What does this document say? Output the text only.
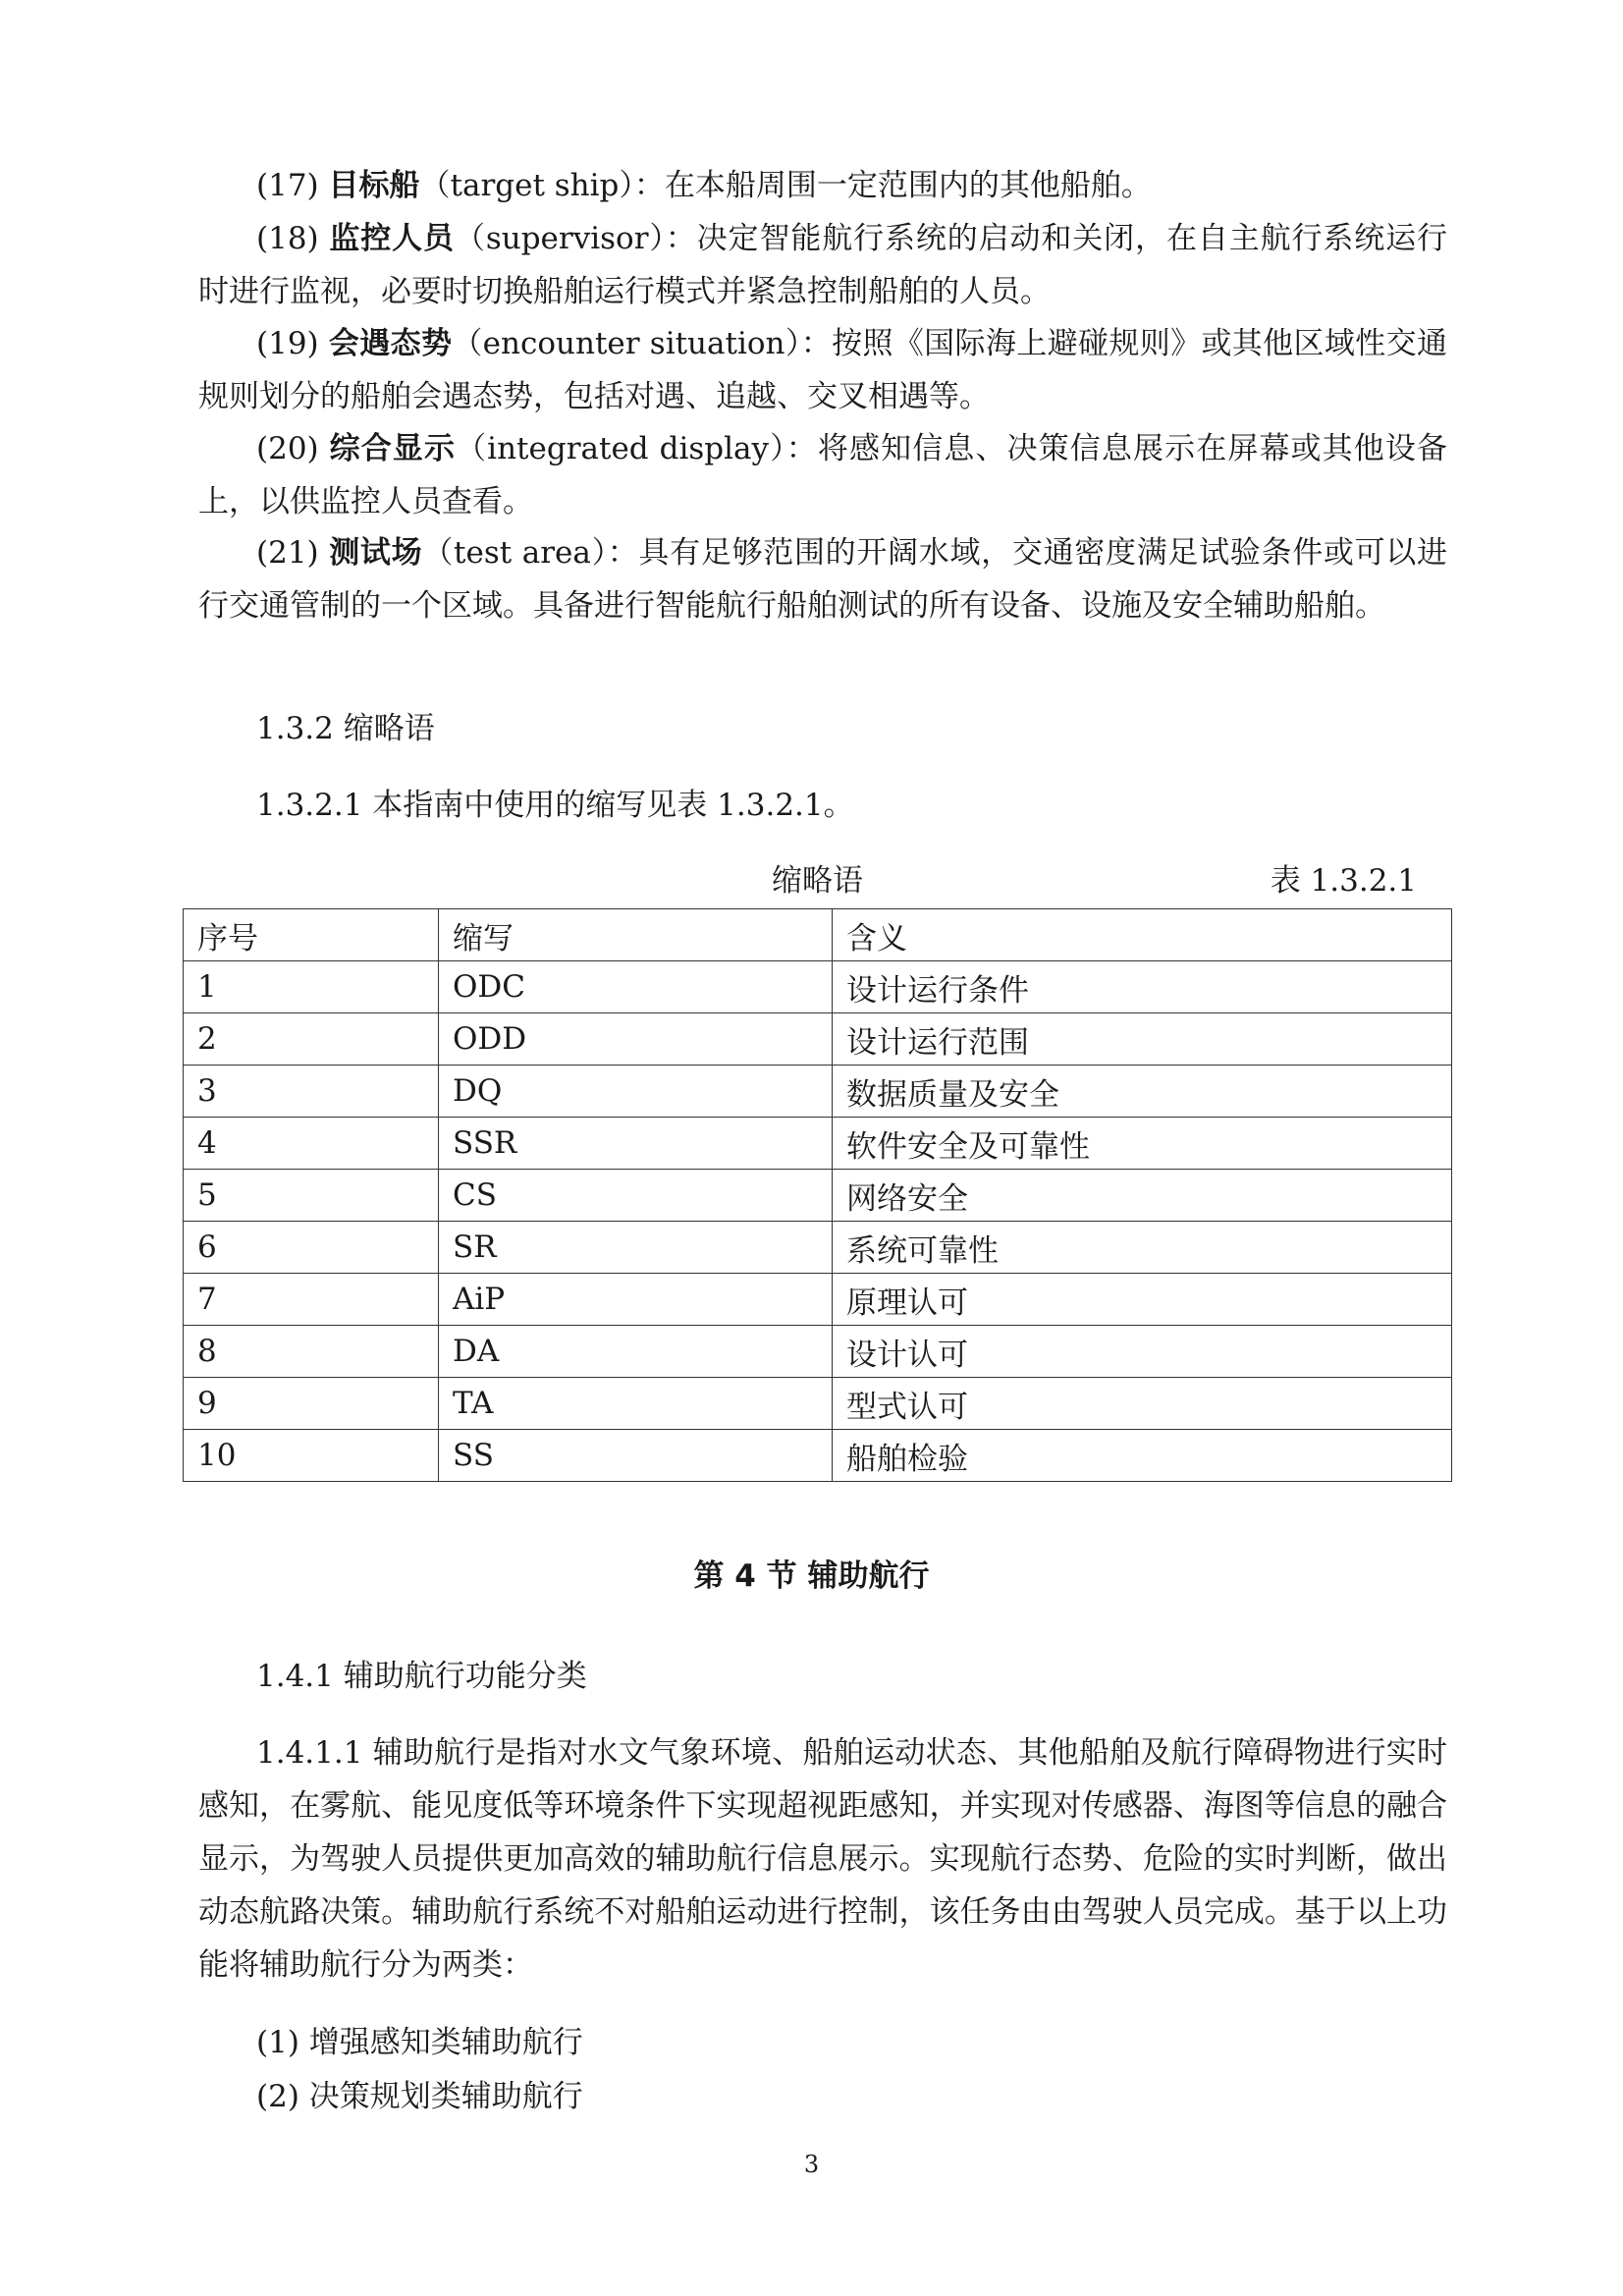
(17) 目标船（target ship）：在本船周围一定范围内的其他船舶。

(18) 监控人员（supervisor）：决定智能航行系统的启动和关闭，在自主航行系统运行时进行监视，必要时切换船舶运行模式并紧急控制船舶的人员。

(19) 会遇态势（encounter situation）：按照《国际海上避碰规则》或其他区域性交通规则划分的船舶会遇态势，包括对遇、追越、交叉相遇等。

(20) 综合显示（integrated display）：将感知信息、决策信息展示在屏幕或其他设备上，以供监控人员查看。

(21) 测试场（test area）：具有足够范围的开阔水域，交通密度满足试验条件或可以进行交通管制的一个区域。具备进行智能航行船舶测试的所有设备、设施及安全辅助船舶。

1.3.2 缩略语

1.3.2.1 本指南中使用的缩写见表 1.3.2.1。

缩略语	表 1.3.2.1
序号	缩写	含义
1	ODC	设计运行条件
2	ODD	设计运行范围
3	DQ	数据质量及安全
4	SSR	软件安全及可靠性
5	CS	网络安全
6	SR	系统可靠性
7	AiP	原理认可
8	DA	设计认可
9	TA	型式认可
10	SS	船舶检验
第 4 节 辅助航行

1.4.1 辅助航行功能分类

1.4.1.1 辅助航行是指对水文气象环境、船舶运动状态、其他船舶及航行障碍物进行实时感知，在雾航、能见度低等环境条件下实现超视距感知，并实现对传感器、海图等信息的融合显示，为驾驶人员提供更加高效的辅助航行信息展示。实现航行态势、危险的实时判断，做出动态航路决策。辅助航行系统不对船舶运动进行控制，该任务由由驾驶人员完成。基于以上功能将辅助航行分为两类：

(1) 增强感知类辅助航行

(2) 决策规划类辅助航行

3
